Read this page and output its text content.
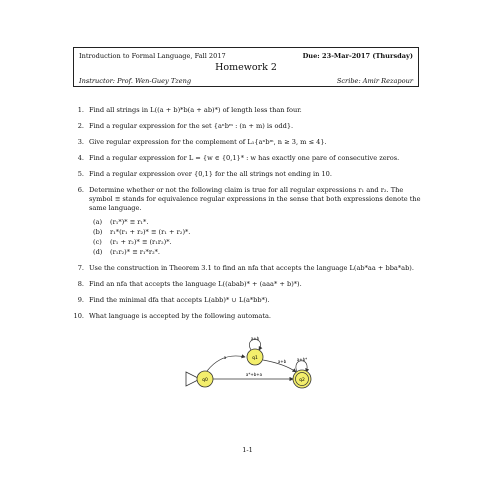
Introduction to Formal Language, Fall 2017	Due: 23-Mar-2017 (Thursday)
Homework 2
Instructor: Prof. Wen-Guey Tzeng	Scribe: Amir Rezapour
1. Find all strings in L((a + b)*b(a + ab)*) of length less than four.
2. Find a regular expression for the set {aⁿbᵐ : (n + m) is odd}.
3. Give regular expression for the complement of L₁{aⁿbᵐ, n ≥ 3, m ≤ 4}.
4. Find a regular expression for L = {w ∈ {0,1}* : w has exactly one pare of consecutive zeros.
5. Find a regular expression over {0,1} for the all strings not ending in 10.
6. Determine whether or not the following claim is true for all regular expressions r₁ and r₂. The symbol ≡ stands for equivalence regular expressions in the sense that both expressions denote the same language.
(a) (r₁*)* ≡ r₁*.
(b) r₁*(r₁ + r₂)* ≡ (r₁ + r₂)*.
(c) (r₁ + r₂)* ≡ (r₁r₂)*.
(d) (r₁r₂)* ≡ r₁*r₂*.
7. Use the construction in Theorem 3.1 to find an nfa that accepts the language L(ab*aa + bba*ab).
8. Find an nfa that accepts the language L((abab)* + (aaa* + b)*).
9. Find the minimal dfa that accepts L(abb)* ∪ L(a*bb*).
10. What language is accepted by the following automata.
q1
q0	q2
a+b
a+b*
a
a+b
a*+b+a
1-1
